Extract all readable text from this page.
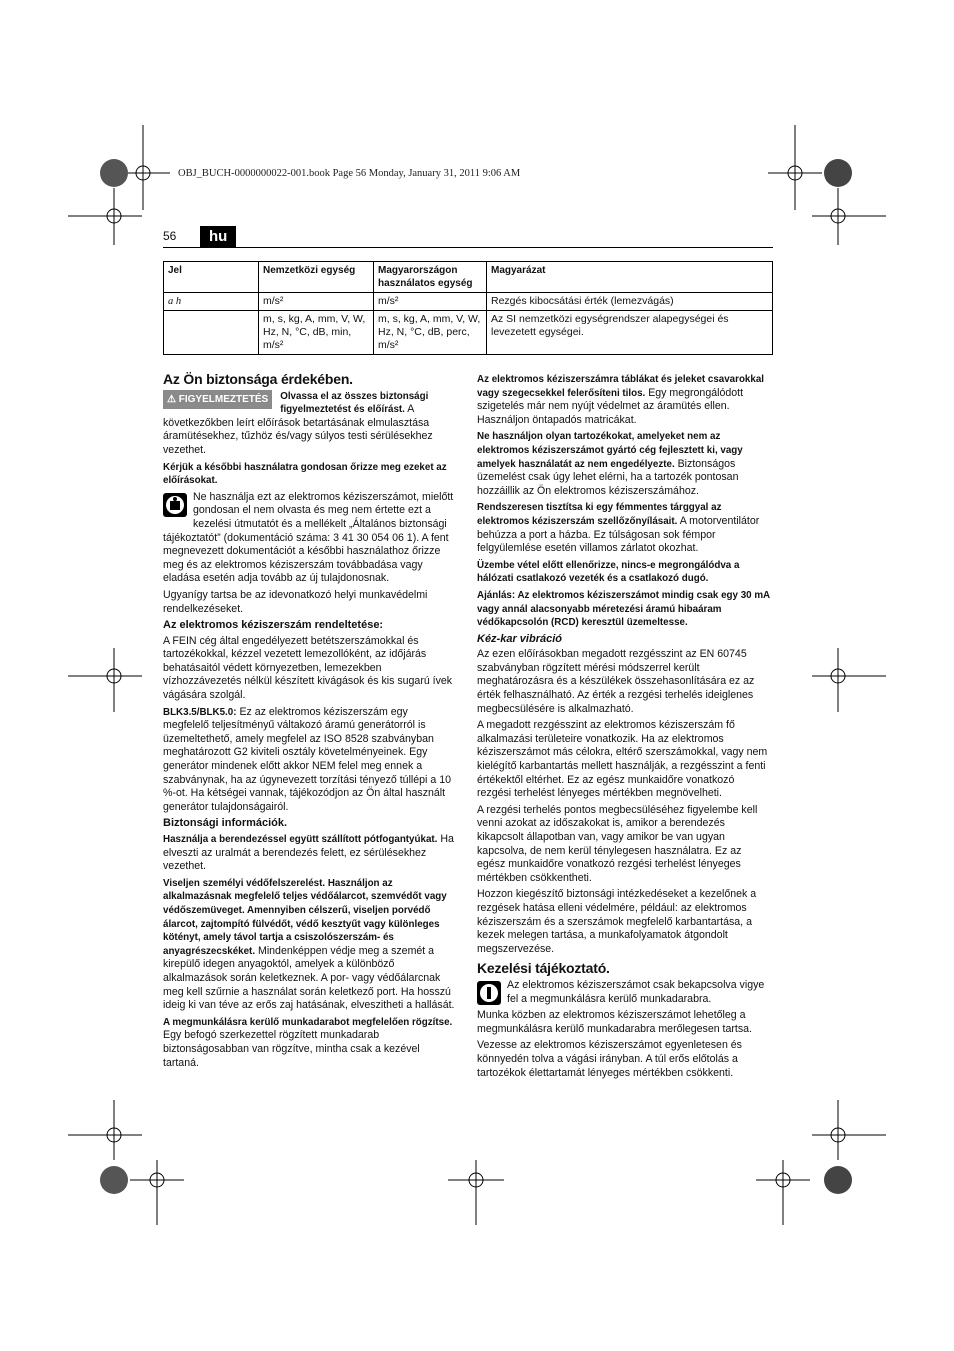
OBJ_BUCH-0000000022-001.book Page 56 Monday, January 31, 2011 9:06 AM
56	hu
Jel	Nemzetközi egység	Magyarországon használatos egység	Magyarázat
a h	m/s²	m/s²	Rezgés kibocsátási érték (lemezvágás)
	m, s, kg, A, mm, V, W, Hz, N, °C, dB, min, m/s²	m, s, kg, A, mm, V, W, Hz, N, °C, dB, perc, m/s²	Az SI nemzetközi egységrendszer alapegységei és levezetett egységei.
Az Ön biztonsága érdekében.
⚠ FIGYELMEZTETÉS	Olvassa el az összes biztonsági figyelmeztetést és előírást. A következőkben leírt előírások betartásának elmulasztása áramütésekhez, tűzhöz és/vagy súlyos testi sérülésekhez vezethet.

Kérjük a későbbi használatra gondosan őrizze meg ezeket az előírásokat.

Ne használja ezt az elektromos kéziszerszámot, mielőtt gondosan el nem olvasta és meg nem értette ezt a kezelési útmutatót és a mellékelt „Általános biztonsági tájékoztatót” (dokumentáció száma: 3 41 30 054 06 1). A fent megnevezett dokumentációt a későbbi használathoz őrizze meg és az elektromos kéziszerszám továbbadása vagy eladása esetén adja tovább az új tulajdonosnak.

Ugyanígy tartsa be az idevonatkozó helyi munkavédelmi rendelkezéseket.

Az elektromos kéziszerszám rendeltetése:

A FEIN cég által engedélyezett betétszerszámokkal és tartozékokkal, kézzel vezetett lemezollóként, az időjárás behatásaitól védett környezetben, lemezekben vízhozzávezetés nélkül készített kivágások és kis sugarú ívek vágására szolgál.

BLK3.5/BLK5.0: Ez az elektromos kéziszerszám egy megfelelő teljesítményű váltakozó áramú generátorról is üzemeltethető, amely megfelel az ISO 8528 szabványban meghatározott G2 kiviteli osztály követelményeinek. Egy generátor mindenek előtt akkor NEM felel meg ennek a szabványnak, ha az úgynevezett torzítási tényező túllépi a 10 %-ot. Ha kétségei vannak, tájékozódjon az Ön által használt generátor tulajdonságairól.

Biztonsági információk.

Használja a berendezéssel együtt szállított pótfogantyúkat. Ha elveszti az uralmát a berendezés felett, ez sérülésekhez vezethet.

Viseljen személyi védőfelszerelést. Használjon az alkalmazásnak megfelelő teljes védőálarcot, szemvédőt vagy védőszemüveget. Amennyiben célszerű, viseljen porvédő álarcot, zajtompító fülvédőt, védő kesztyűt vagy különleges kötényt, amely távol tartja a csiszolószerszám- és anyagrészecskéket. Mindenképpen védje meg a szemét a kirepülő idegen anyagoktól, amelyek a különböző alkalmazások során keletkeznek. A por- vagy védőálarcnak meg kell szűrnie a használat során keletkező port. Ha hosszú ideig ki van téve az erős zaj hatásának, elveszitheti a hallását.

A megmunkálásra kerülő munkadarabot megfelelően rögzítse. Egy befogó szerkezettel rögzített munkadarab biztonságosabban van rögzítve, mintha csak a kezével tartaná.

Az elektromos kéziszerszámra táblákat és jeleket csavarokkal vagy szegecsekkel felerősíteni tilos. Egy megrongálódott szigetelés már nem nyújt védelmet az áramütés ellen. Használjon öntapadós matricákat.

Ne használjon olyan tartozékokat, amelyeket nem az elektromos kéziszerszámot gyártó cég fejlesztett ki, vagy amelyek használatát az nem engedélyezte. Biztonságos üzemelést csak úgy lehet elérni, ha a tartozék pontosan hozzáillik az Ön elektromos kéziszerszámához.

Rendszeresen tisztítsa ki egy fémmentes tárggyal az elektromos kéziszerszám szellőzőnyílásait. A motorventilátor behúzza a port a házba. Ez túlságosan sok fémpor felgyülemlése esetén villamos zárlatot okozhat.

Üzembe vétel előtt ellenőrizze, nincs-e megrongálódva a hálózati csatlakozó vezeték és a csatlakozó dugó.

Ajánlás: Az elektromos kéziszerszámot mindig csak egy 30 mA vagy annál alacsonyabb méretezési áramú hibaáram védőkapcsolón (RCD) keresztül üzemeltesse.

Kéz-kar vibráció

Az ezen előírásokban megadott rezgésszint az EN 60745 szabványban rögzített mérési módszerrel került meghatározásra és a készülékek összehasonlítására ez az érték felhasználható. Az érték a rezgési terhelés ideiglenes megbecsülésére is alkalmazható.

A megadott rezgésszint az elektromos kéziszerszám fő alkalmazási területeire vonatkozik. Ha az elektromos kéziszerszámot más célokra, eltérő szerszámokkal, vagy nem kielégítő karbantartás mellett használják, a rezgésszint a fenti értékektől eltérhet. Ez az egész munkaidőre vonatkozó rezgési terhelést lényeges mértékben megnövelheti.

A rezgési terhelés pontos megbecsüléséhez figyelembe kell venni azokat az időszakokat is, amikor a berendezés kikapcsolt állapotban van, vagy amikor be van ugyan kapcsolva, de nem kerül ténylegesen használatra. Ez az egész munkaidőre vonatkozó rezgési terhelést lényeges mértékben csökkentheti.

Hozzon kiegészítő biztonsági intézkedéseket a kezelőnek a rezgések hatása elleni védelmére, például: az elektromos kéziszerszám és a szerszámok megfelelő karbantartása, a kezek melegen tartása, a munkafolyamatok átgondolt megszervezése.

Kezelési tájékoztató.

Az elektromos kéziszerszámot csak bekapcsolva vigye fel a megmunkálásra kerülő munkadarabra.

Munka közben az elektromos kéziszerszámot lehetőleg a megmunkálásra kerülő munkadarabra merőlegesen tartsa.

Vezesse az elektromos kéziszerszámot egyenletesen és könnyedén tolva a vágási irányban. A túl erős előtolás a tartozékok élettartamát lényeges mértékben csökkenti.
